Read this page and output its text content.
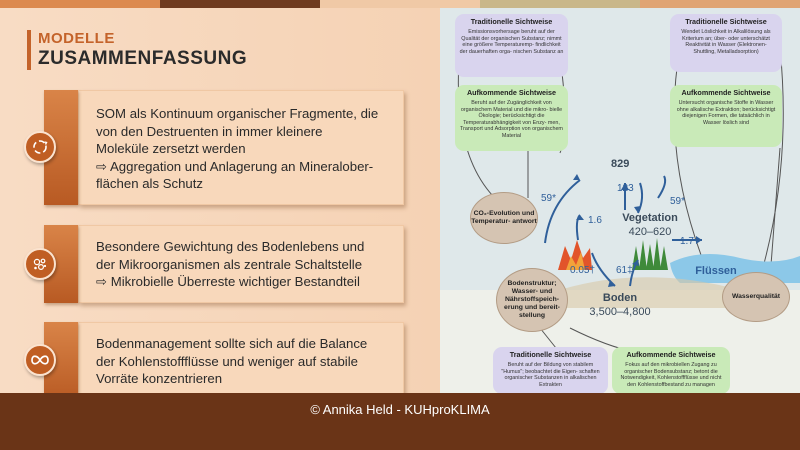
MODELLE
ZUSAMMENFASSUNG
SOM als Kontinuum organischer Fragmente, die
von den Destruenten in immer kleinere
Moleküle zersetzt werden
⇨ Aggregation und Anlagerung an Mineralober-
flächen als Schutz
Besondere Gewichtung des Bodenlebens und
der Mikroorganismen als zentrale Schaltstelle
⇨ Mikrobielle Überreste wichtiger Bestandteil
Bodenmanagement sollte sich auf die Balance
der Kohlenstoffflüsse und weniger auf stabile
Vorräte konzentrieren
Traditionelle Sichtweise
Emissionsvorhersage beruht auf der Qualität der organischen Substanz; nimmt eine größere Temperaturemp- findlichkeit der dauerhaften orga- nischen Substanz an
Aufkommende Sichtweise
Beruht auf der Zugänglichkeit von organischem Material und die mikro- bielle Ökologie; berücksichtigt die Temperaturabhängigkeit von Enzy- men, Transport und Adsorption von organischem Material
Traditionelle Sichtweise
Wendet Löslichkeit in Alkalilösung als Kriterium an; über- oder unterschätzt Reaktivität in Wasser (Elektronen- Shuttling, Metalladsorption)
Aufkommende Sichtweise
Untersucht organische Stoffe in Wasser ohne alkalische Extraktion; berücksichtigt diejenigen Formen, die tatsächlich in Wasser löslich sind
Traditionelle Sichtweise
Beruht auf der Bildung von stabilem "Humus"; beobachtet die Eigen- schaften organischer Substanzen in alkalischen Extrakten
Aufkommende Sichtweise
Fokus auf den mikrobiellen Zugang zu organischer Bodensubstanz; betont die Notwendigkeit, Kohlenstoffflüsse und nicht den Kohlenstoffbestand zu managen
CO₂-Evolution und Temperatur- antwort
Bodenstruktur; Wasser- und Nährstoffspeich- erung und bereit- stellung
Wasserqualität
829
123
59*	59*
1.6
1.7
0.05† 61‡
Vegetation
420–620
Flüssen
Boden
3,500–4,800
© Annika Held - KUHproKLIMA
